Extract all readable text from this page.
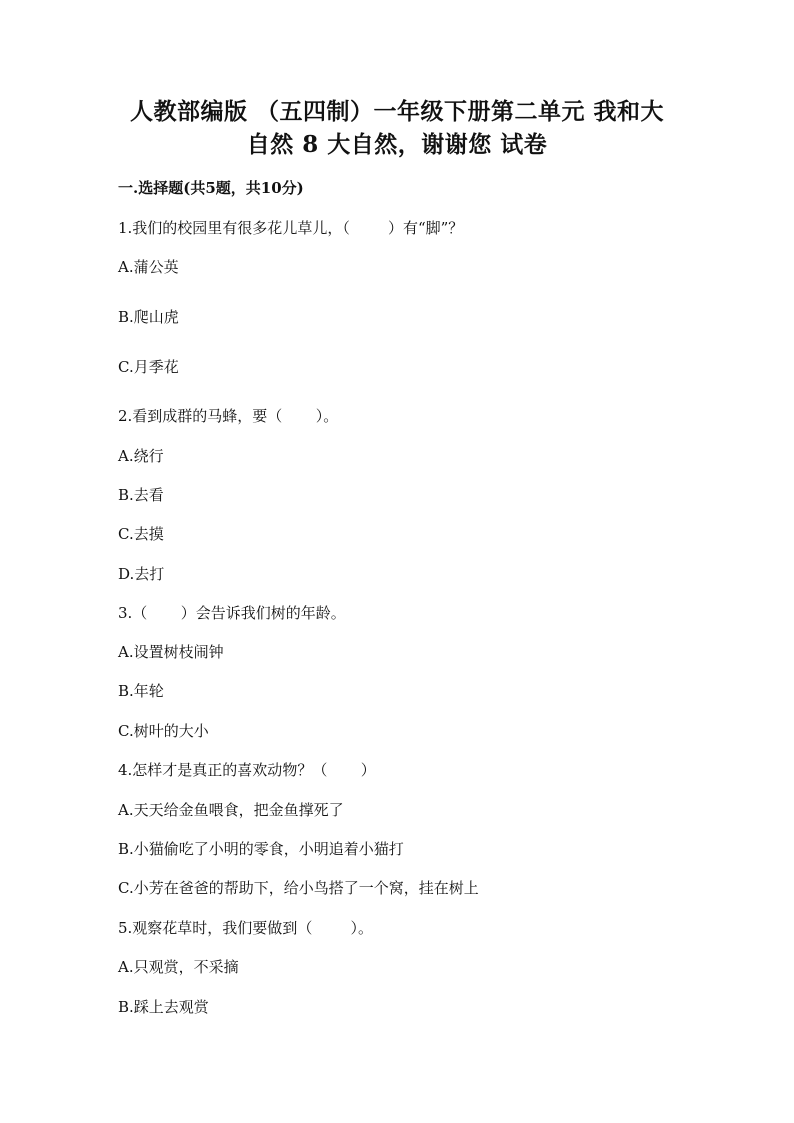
人教部编版 （五四制）一年级下册第二单元 我和大
自然 8 大自然，谢谢您 试卷
一.选择题(共5题，共10分)
1.我们的校园里有很多花儿草儿，（        ）有“脚”？
A.蒲公英
B.爬山虎
C.月季花
2.看到成群的马蜂，要（       ）。
A.绕行
B.去看
C.去摸
D.去打
3.（       ）会告诉我们树的年龄。
A.设置树枝闹钟
B.年轮
C.树叶的大小
4.怎样才是真正的喜欢动物？（       ）
A.天天给金鱼喂食，把金鱼撑死了
B.小猫偷吃了小明的零食，小明追着小猫打
C.小芳在爸爸的帮助下，给小鸟搭了一个窝，挂在树上
5.观察花草时，我们要做到（        ）。
A.只观赏，不采摘
B.踩上去观赏
